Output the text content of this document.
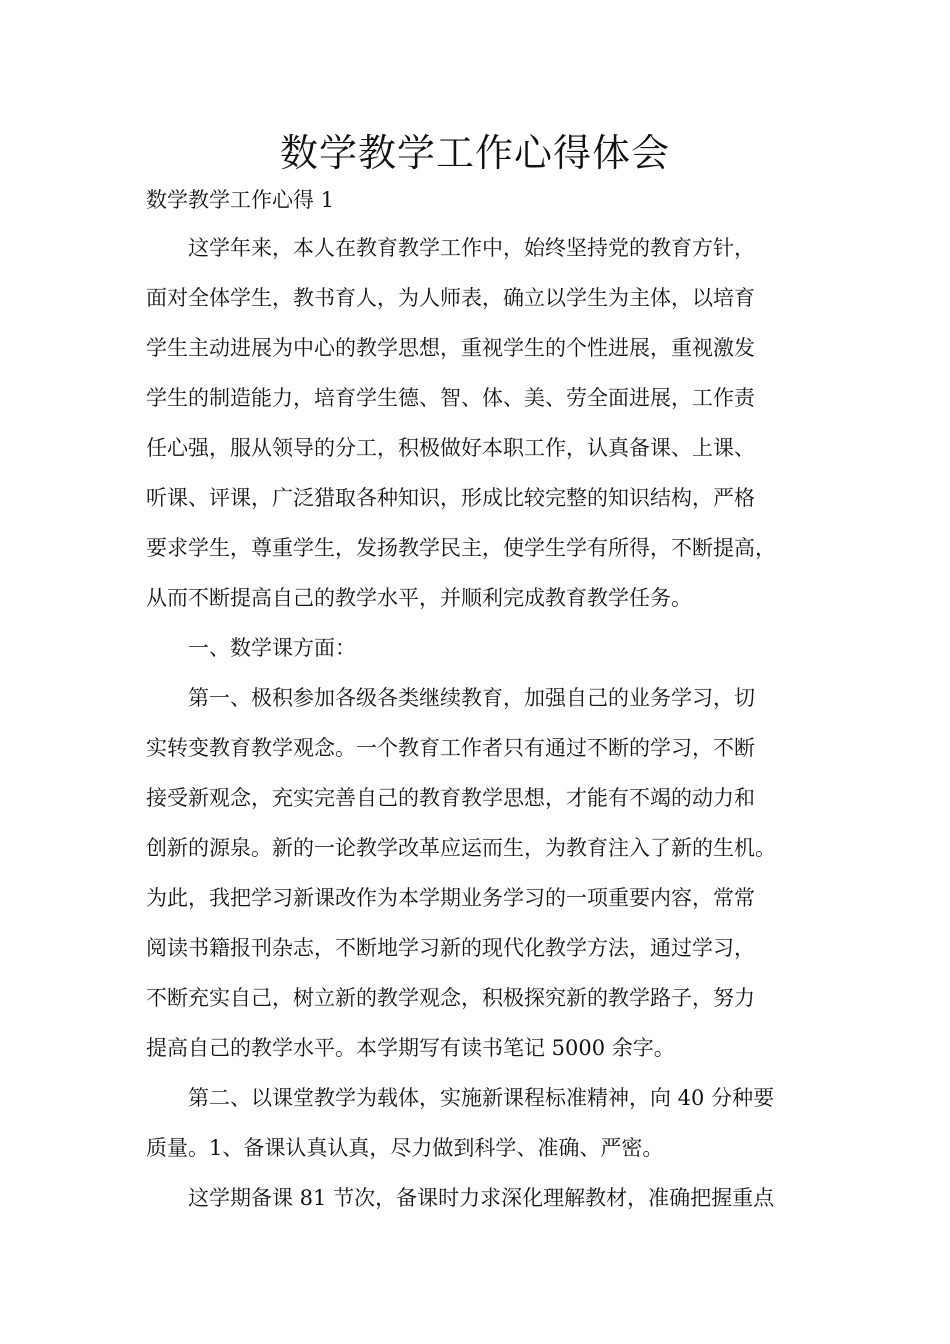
数学教学工作心得体会

数学教学工作心得 1

这学年来，本人在教育教学工作中，始终坚持党的教育方针，

面对全体学生，教书育人，为人师表，确立以学生为主体，以培育

学生主动进展为中心的教学思想，重视学生的个性进展，重视激发

学生的制造能力，培育学生德、智、体、美、劳全面进展，工作责

任心强，服从领导的分工，积极做好本职工作，认真备课、上课、

听课、评课，广泛猎取各种知识，形成比较完整的知识结构，严格

要求学生，尊重学生，发扬教学民主，使学生学有所得，不断提高，

从而不断提高自己的教学水平，并顺利完成教育教学任务。

一、数学课方面：

第一、极积参加各级各类继续教育，加强自己的业务学习，切

实转变教育教学观念。一个教育工作者只有通过不断的学习，不断

接受新观念，充实完善自己的教育教学思想，才能有不竭的动力和

创新的源泉。新的一论教学改革应运而生，为教育注入了新的生机。

为此，我把学习新课改作为本学期业务学习的一项重要内容，常常

阅读书籍报刊杂志，不断地学习新的现代化教学方法，通过学习，

不断充实自己，树立新的教学观念，积极探究新的教学路子，努力

提高自己的教学水平。本学期写有读书笔记 5000 余字。

第二、以课堂教学为载体，实施新课程标准精神，向 40 分种要

质量。1、备课认真认真，尽力做到科学、准确、严密。

这学期备课 81 节次，备课时力求深化理解教材，准确把握重点
